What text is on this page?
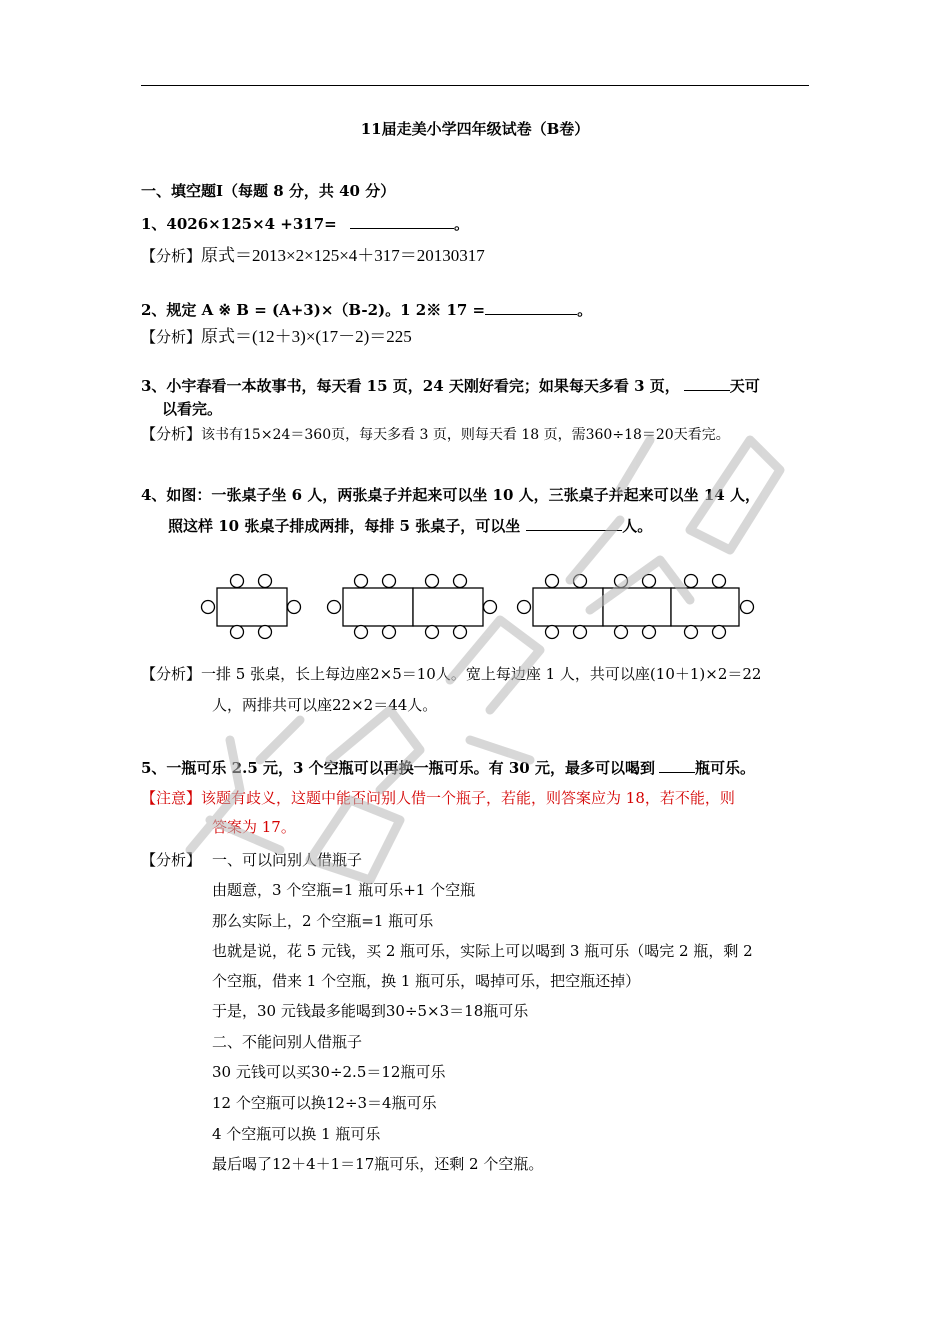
11届走美小学四年级试卷（B卷）
一、填空题Ⅰ（每题 8 分，共 40 分）
1、4026×125×4 +317=	。
【分析】原式＝2013×2×125×4＋317＝20130317
2、规定 A ※ B = (A+3)×（B-2)。1 2※ 17 =	。
【分析】原式＝(12＋3)×(17－2)＝225
3、小宇春看一本故事书，每天看 15 页，24 天刚好看完；如果每天多看 3 页，	天可
以看完。
【分析】该书有15×24＝360页，每天多看 3 页，则每天看 18 页，需360÷18＝20天看完。
4、如图：一张桌子坐 6 人，两张桌子并起来可以坐 10 人，三张桌子并起来可以坐 14 人，
照这样 10 张桌子排成两排，每排 5 张桌子，可以坐	人。
【分析】一排 5 张桌，长上每边座2×5＝10人。宽上每边座 1 人，共可以座(10＋1)×2＝22
人，两排共可以座22×2＝44人。
5、一瓶可乐 2.5 元，3 个空瓶可以再换一瓶可乐。有 30 元，最多可以喝到	瓶可乐。
【注意】该题有歧义，这题中能否问别人借一个瓶子，若能，则答案应为 18，若不能，则
答案为 17。
【分析】 一、可以问别人借瓶子
由题意，3 个空瓶=1 瓶可乐+1 个空瓶
那么实际上，2 个空瓶=1 瓶可乐
也就是说，花 5 元钱，买 2 瓶可乐，实际上可以喝到 3 瓶可乐（喝完 2 瓶，剩 2
个空瓶，借来 1 个空瓶，换 1 瓶可乐，喝掉可乐，把空瓶还掉）
于是，30 元钱最多能喝到30÷5×3＝18瓶可乐
二、不能问别人借瓶子
30 元钱可以买30÷2.5＝12瓶可乐
12 个空瓶可以换12÷3＝4瓶可乐
4 个空瓶可以换 1 瓶可乐
最后喝了12＋4＋1＝17瓶可乐，还剩 2 个空瓶。
